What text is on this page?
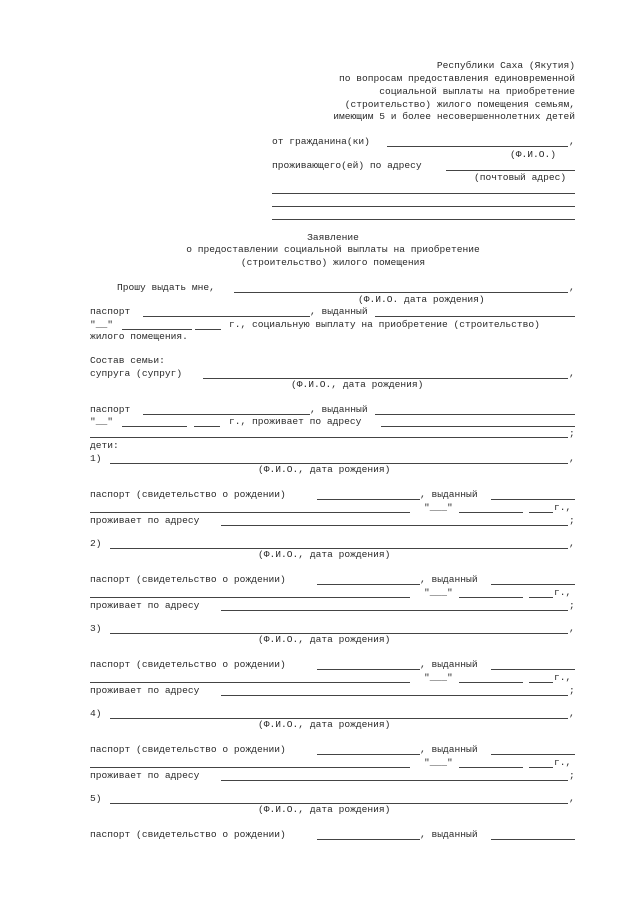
Республики Саха (Якутия)
по вопросам предоставления единовременной
социальной выплаты на приобретение
(строительство) жилого помещения семьям,
имеющим 5 и более несовершеннолетних детей
от гражданина(ки)	,
(Ф.И.О.)
проживающего(ей) по адресу
(почтовый адрес)
Заявление
о предоставлении социальной выплаты на приобретение
(строительство) жилого помещения
Прошу выдать мне,	,
(Ф.И.О. дата рождения)
паспорт	, выданный
"__"	г., социальную выплату на приобретение (строительство)
жилого помещения.
Состав семьи:
супруга (супруг)	,
(Ф.И.О., дата рождения)
паспорт	, выданный
"__"	г., проживает по адресу
;
дети:
1)	,
(Ф.И.О., дата рождения)
паспорт (свидетельство о рождении)	, выданный
"___"	г.,
проживает по адресу	;
2)	,
(Ф.И.О., дата рождения)
паспорт (свидетельство о рождении)	, выданный
"___"	г.,
проживает по адресу	;
3)	,
(Ф.И.О., дата рождения)
паспорт (свидетельство о рождении)	, выданный
"___"	г.,
проживает по адресу	;
4)	,
(Ф.И.О., дата рождения)
паспорт (свидетельство о рождении)	, выданный
"___"	г.,
проживает по адресу	;
5)	,
(Ф.И.О., дата рождения)
паспорт (свидетельство о рождении)	, выданный
